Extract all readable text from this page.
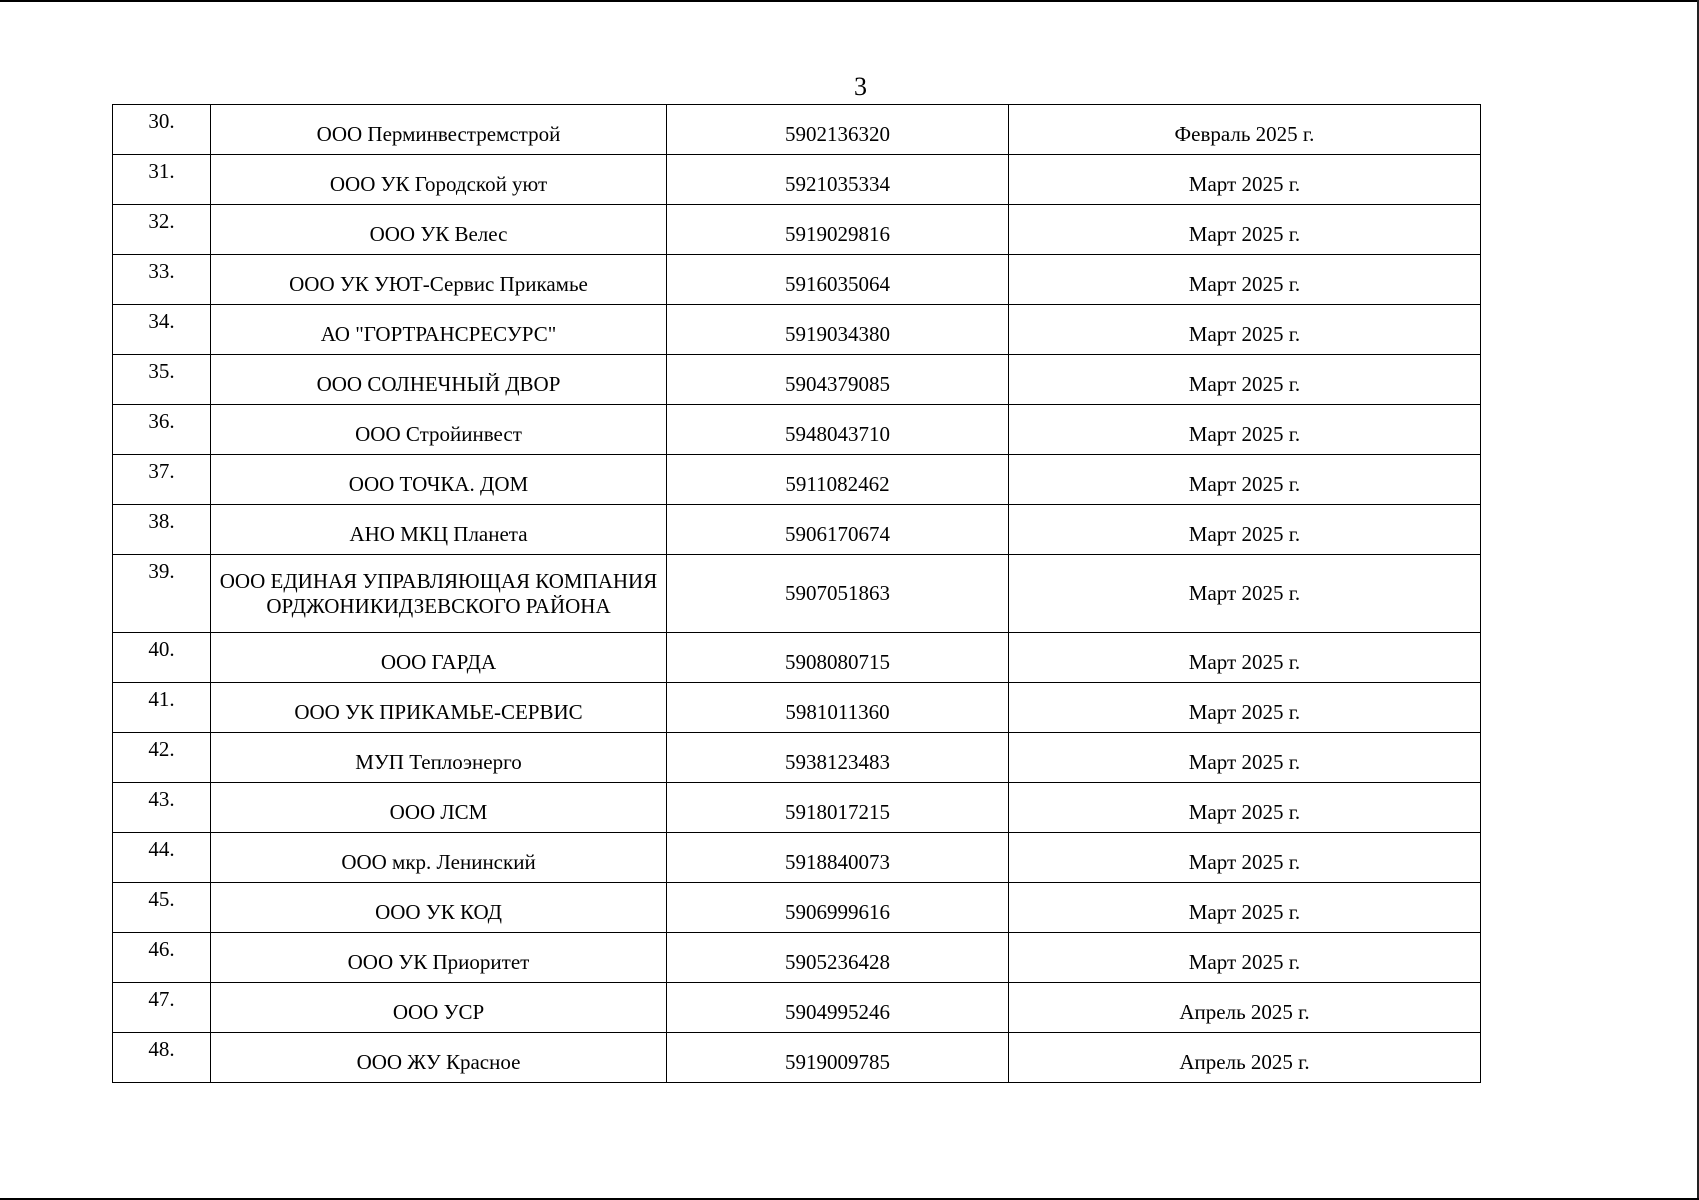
3
30.	ООО Перминвестремстрой	5902136320	Февраль 2025 г.
31.	ООО УК Городской уют	5921035334	Март 2025 г.
32.	ООО УК Велес	5919029816	Март 2025 г.
33.	ООО УК УЮТ-Сервис Прикамье	5916035064	Март 2025 г.
34.	АО "ГОРТРАНСРЕСУРС"	5919034380	Март 2025 г.
35.	ООО СОЛНЕЧНЫЙ ДВОР	5904379085	Март 2025 г.
36.	ООО Стройинвест	5948043710	Март 2025 г.
37.	ООО ТОЧКА. ДОМ	5911082462	Март 2025 г.
38.	АНО МКЦ Планета	5906170674	Март 2025 г.
39.	ООО ЕДИНАЯ УПРАВЛЯЮЩАЯ КОМПАНИЯ ОРДЖОНИКИДЗЕВСКОГО РАЙОНА	5907051863	Март 2025 г.
40.	ООО ГАРДА	5908080715	Март 2025 г.
41.	ООО УК ПРИКАМЬЕ-СЕРВИС	5981011360	Март 2025 г.
42.	МУП Теплоэнерго	5938123483	Март 2025 г.
43.	ООО ЛСМ	5918017215	Март 2025 г.
44.	ООО мкр. Ленинский	5918840073	Март 2025 г.
45.	ООО УК КОД	5906999616	Март 2025 г.
46.	ООО УК Приоритет	5905236428	Март 2025 г.
47.	ООО УСР	5904995246	Апрель 2025 г.
48.	ООО ЖУ Красное	5919009785	Апрель 2025 г.
